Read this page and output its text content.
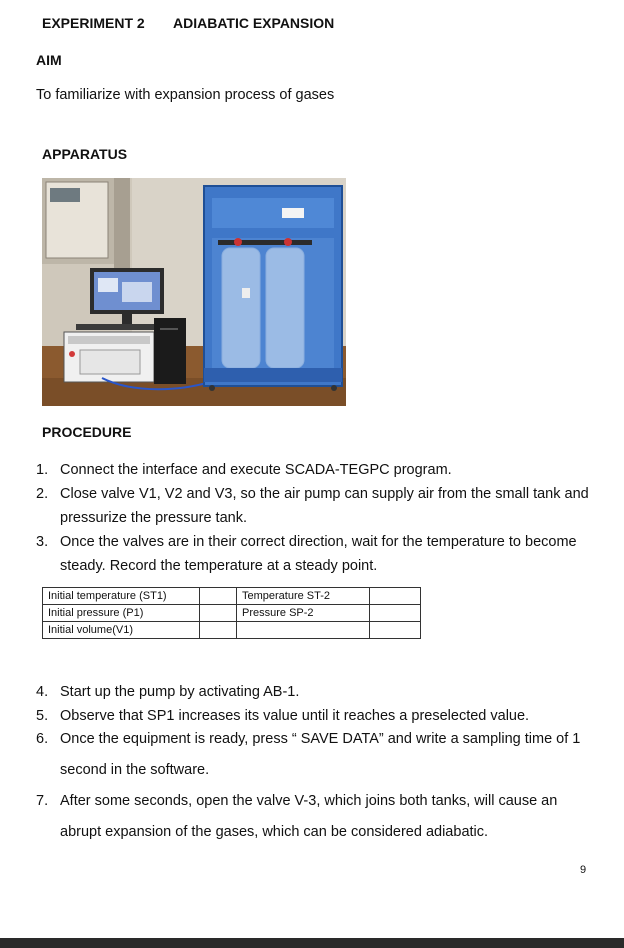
EXPERIMENT 2 ADIABATIC EXPANSION
AIM
To familiarize with expansion process of gases
APPARATUS
PROCEDURE
1. Connect the interface and execute SCADA-TEGPC program.
2. Close valve V1, V2 and V3, so the air pump can supply air from the small tank and pressurize the pressure tank.
3. Once the valves are in their correct direction, wait for the temperature to become steady. Record the temperature at a steady point.
Initial temperature (ST1)		Temperature ST-2	
Initial pressure (P1)		Pressure SP-2	
Initial volume(V1)			
4. Start up the pump by activating AB-1.
5. Observe that SP1 increases its value until it reaches a preselected value.
6. Once the equipment is ready, press “ SAVE DATA” and write a sampling time of 1 second in the software.
7. After some seconds, open the valve V-3, which joins both tanks, will cause an abrupt expansion of the gases, which can be considered adiabatic.
9
